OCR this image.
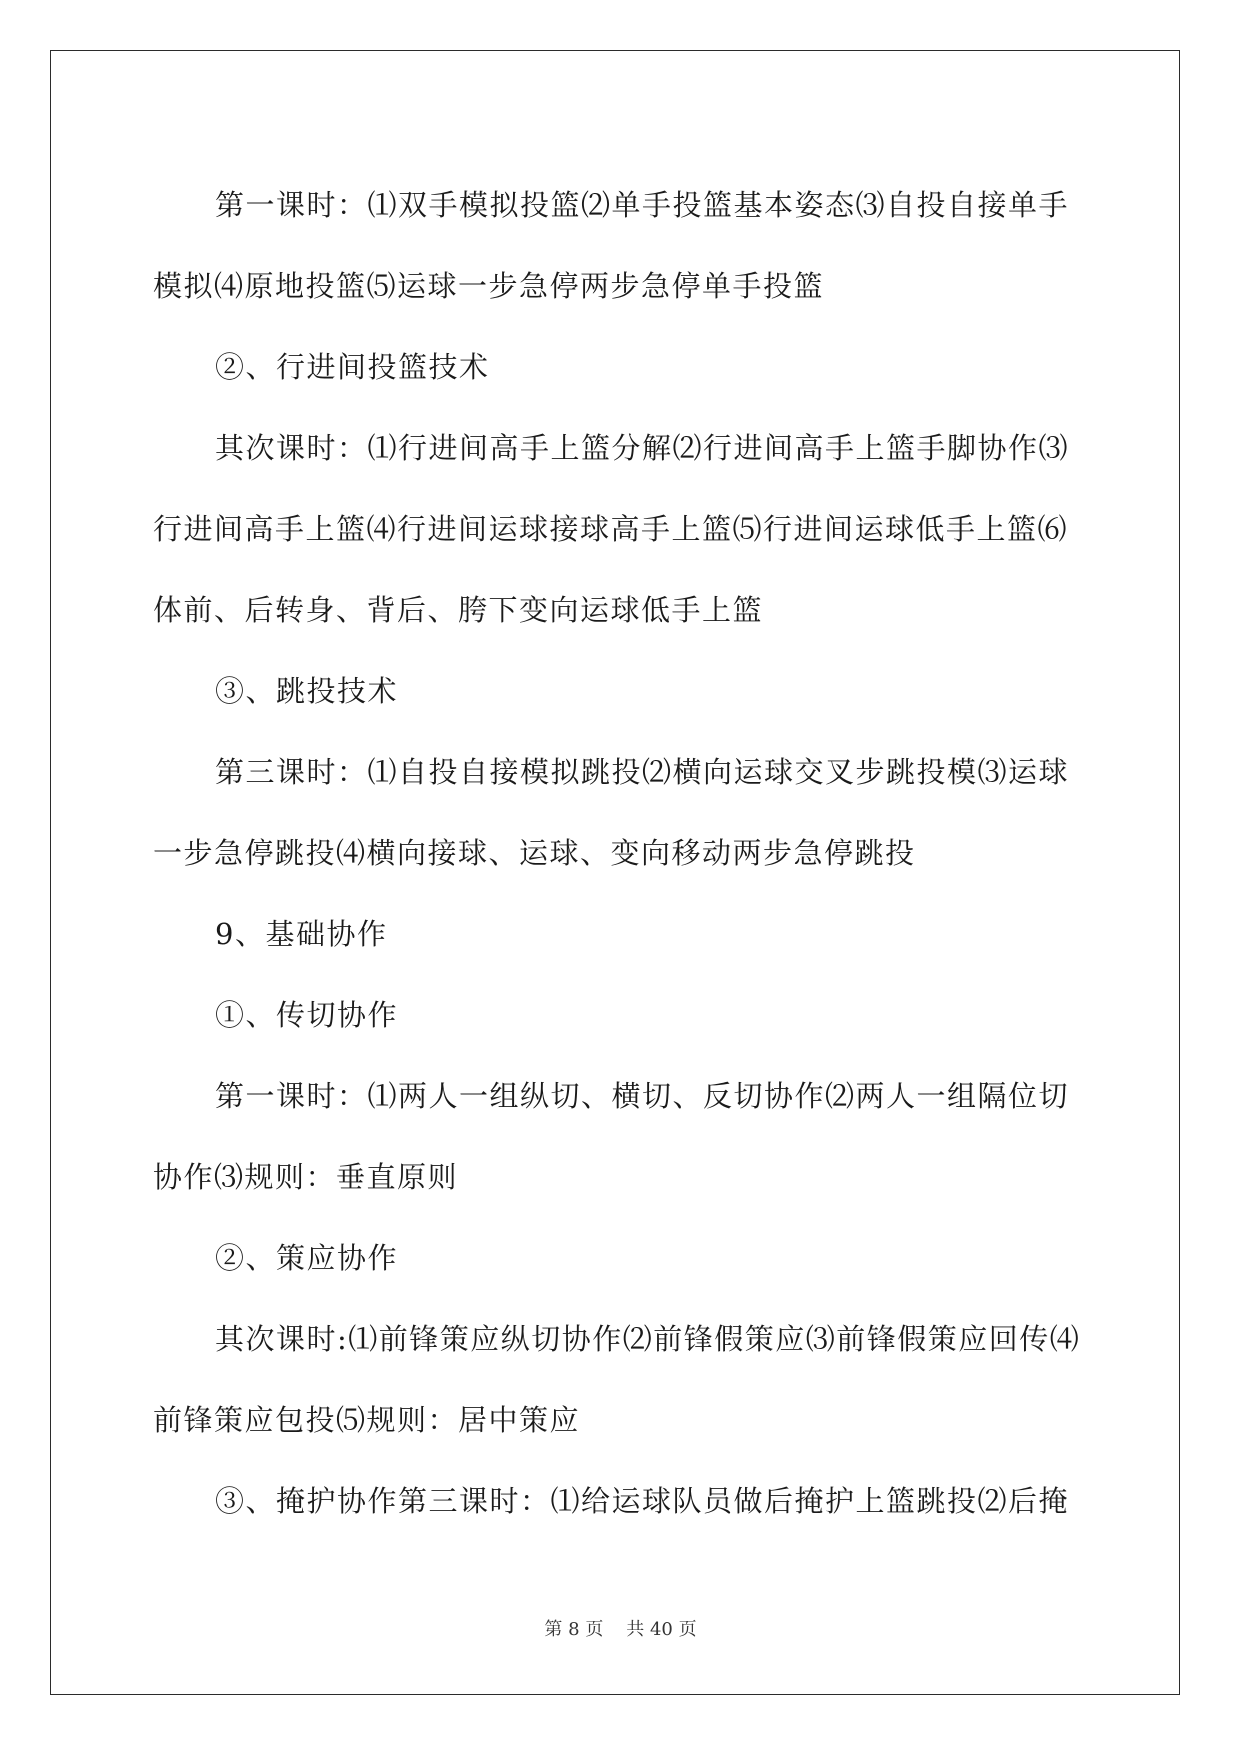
第一课时：⑴双手模拟投篮⑵单手投篮基本姿态⑶自投自接单手模拟⑷原地投篮⑸运球一步急停两步急停单手投篮

②、行进间投篮技术

其次课时：⑴行进间高手上篮分解⑵行进间高手上篮手脚协作⑶行进间高手上篮⑷行进间运球接球高手上篮⑸行进间运球低手上篮⑹体前、后转身、背后、胯下变向运球低手上篮

③、跳投技术

第三课时：⑴自投自接模拟跳投⑵横向运球交叉步跳投模⑶运球一步急停跳投⑷横向接球、运球、变向移动两步急停跳投

9、基础协作

①、传切协作

第一课时：⑴两人一组纵切、横切、反切协作⑵两人一组隔位切协作⑶规则：垂直原则

②、策应协作

其次课时:⑴前锋策应纵切协作⑵前锋假策应⑶前锋假策应回传⑷前锋策应包投⑸规则：居中策应

③、掩护协作第三课时：⑴给运球队员做后掩护上篮跳投⑵后掩

第 8 页 共 40 页
